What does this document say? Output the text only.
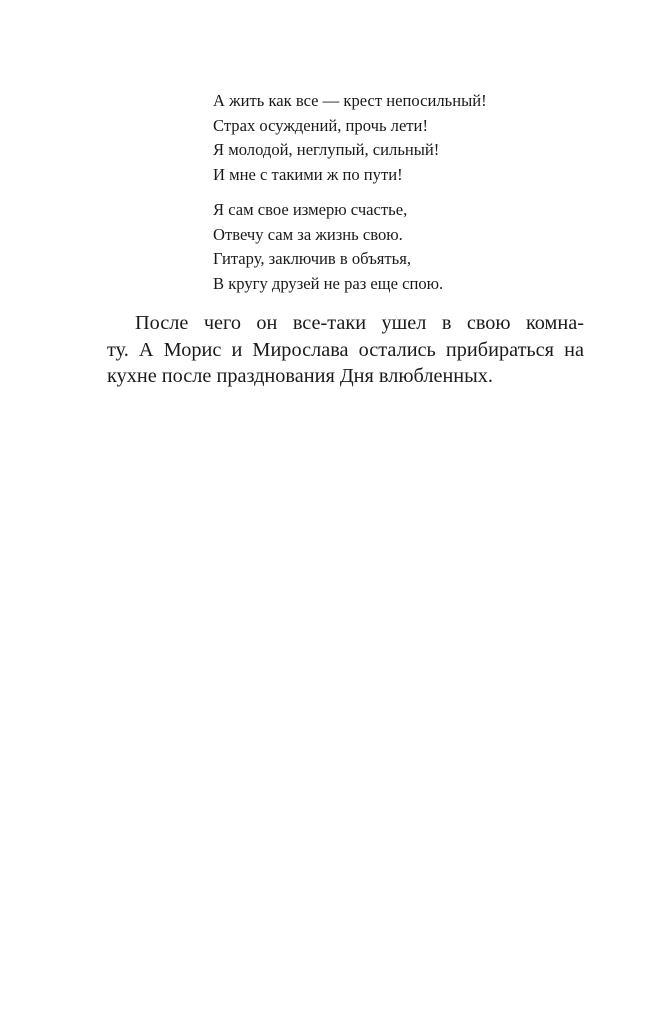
А жить как все — крест непосильный!
Страх осуждений, прочь лети!
Я молодой, неглупый, сильный!
И мне с такими ж по пути!
Я сам свое измерю счастье,
Отвечу сам за жизнь свою.
Гитару, заключив в объятья,
В кругу друзей не раз еще спою.
После чего он все-таки ушел в свою комна-
ту. А Морис и Мирослава остались прибираться на
кухне после празднования Дня влюбленных.
